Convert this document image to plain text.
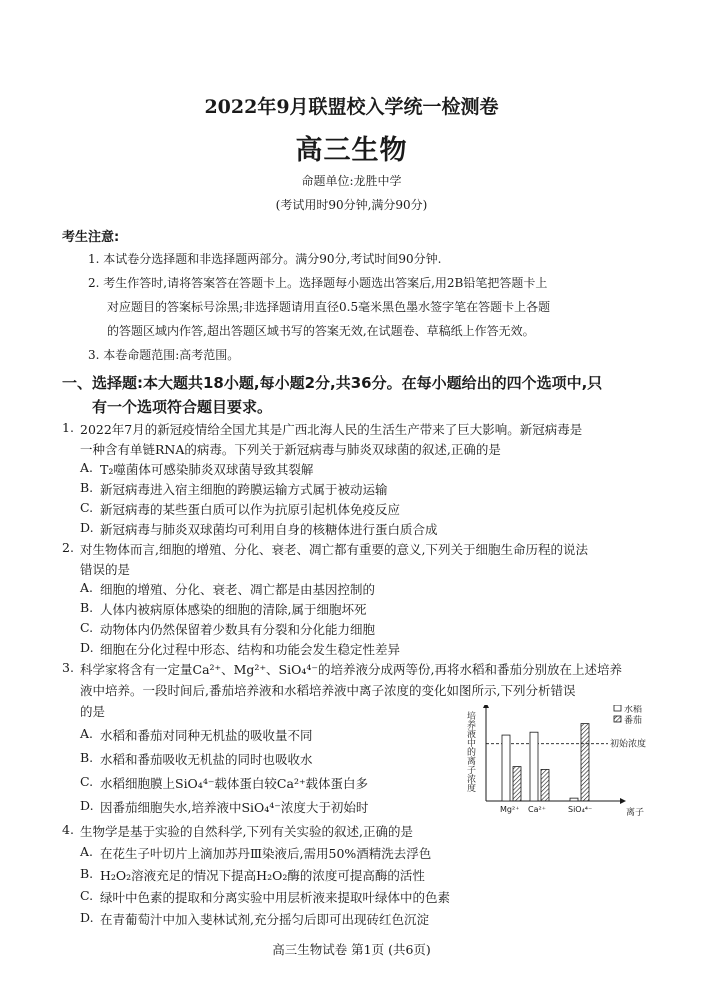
2022年9月联盟校入学统一检测卷
高三生物
命题单位:龙胜中学
(考试用时90分钟,满分90分)
考生注意:
1. 本试卷分选择题和非选择题两部分。满分90分,考试时间90分钟.
2. 考生作答时,请将答案答在答题卡上。选择题每小题选出答案后,用2B铅笔把答题卡上
对应题目的答案标号涂黑;非选择题请用直径0.5毫米黑色墨水签字笔在答题卡上各题
的答题区域内作答,超出答题区域书写的答案无效,在试题卷、草稿纸上作答无效。
3. 本卷命题范围:高考范围。
一、选择题:本大题共18小题,每小题2分,共36分。在每小题给出的四个选项中,只
有一个选项符合题目要求。
1. 2022年7月的新冠疫情给全国尤其是广西北海人民的生活生产带来了巨大影响。新冠病毒是
一种含有单链RNA的病毒。下列关于新冠病毒与肺炎双球菌的叙述,正确的是
A. T₂噬菌体可感染肺炎双球菌导致其裂解
B. 新冠病毒进入宿主细胞的跨膜运输方式属于被动运输
C. 新冠病毒的某些蛋白质可以作为抗原引起机体免疫反应
D. 新冠病毒与肺炎双球菌均可利用自身的核糖体进行蛋白质合成
2. 对生物体而言,细胞的增殖、分化、衰老、凋亡都有重要的意义,下列关于细胞生命历程的说法
错误的是
A. 细胞的增殖、分化、衰老、凋亡都是由基因控制的
B. 人体内被病原体感染的细胞的清除,属于细胞坏死
C. 动物体内仍然保留着少数具有分裂和分化能力细胞
D. 细胞在分化过程中形态、结构和功能会发生稳定性差异
3. 科学家将含有一定量Ca²⁺、Mg²⁺、SiO₄⁴⁻的培养液分成两等份,再将水稻和番茄分别放在上述培养
液中培养。一段时间后,番茄培养液和水稻培养液中离子浓度的变化如图所示,下列分析错误
的是
A. 水稻和番茄对同种无机盐的吸收量不同
B. 水稻和番茄吸收无机盐的同时也吸收水
C. 水稻细胞膜上SiO₄⁴⁻载体蛋白较Ca²⁺载体蛋白多
D. 因番茄细胞失水,培养液中SiO₄⁴⁻浓度大于初始时
培养液中的离子浓度	初始浓度
水稻
番茄
Mg²⁺ Ca²⁺	SiO₄⁴⁻	离子
4. 生物学是基于实验的自然科学,下列有关实验的叙述,正确的是
A. 在花生子叶切片上滴加苏丹Ⅲ染液后,需用50%酒精洗去浮色
B. H₂O₂溶液充足的情况下提高H₂O₂酶的浓度可提高酶的活性
C. 绿叶中色素的提取和分离实验中用层析液来提取叶绿体中的色素
D. 在青葡萄汁中加入斐林试剂,充分摇匀后即可出现砖红色沉淀
高三生物试卷 第1页 (共6页)
